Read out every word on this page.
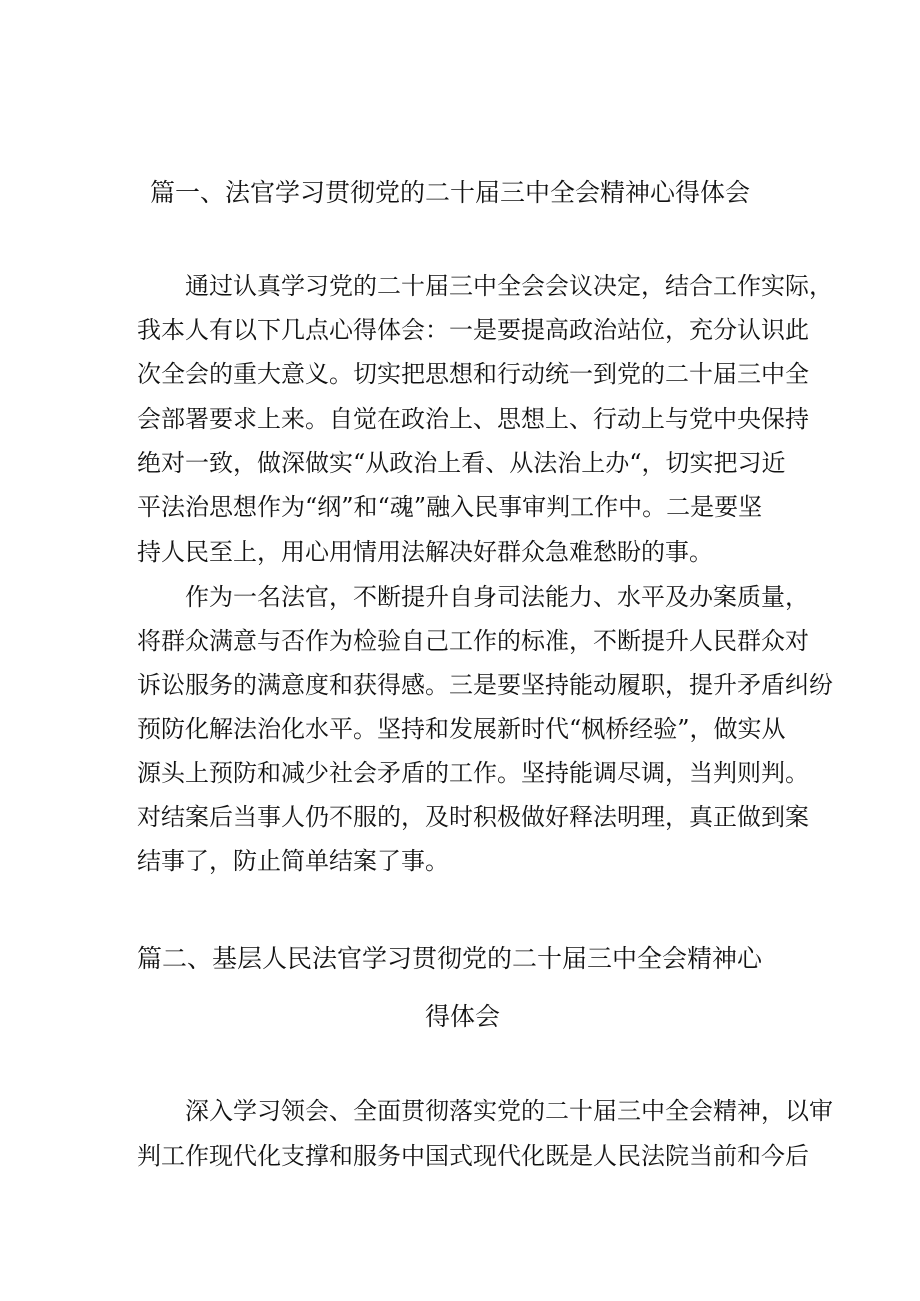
篇一、法官学习贯彻党的二十届三中全会精神心得体会

通过认真学习党的二十届三中全会会议决定，结合工作实际，

我本人有以下几点心得体会：一是要提高政治站位，充分认识此

次全会的重大意义。切实把思想和行动统一到党的二十届三中全

会部署要求上来。自觉在政治上、思想上、行动上与党中央保持

绝对一致，做深做实“从政治上看、从法治上办“，切实把习近

平法治思想作为“纲”和“魂”融入民事审判工作中。二是要坚

持人民至上，用心用情用法解决好群众急难愁盼的事。

作为一名法官，不断提升自身司法能力、水平及办案质量，

将群众满意与否作为检验自己工作的标准，不断提升人民群众对

诉讼服务的满意度和获得感。三是要坚持能动履职，提升矛盾纠纷

预防化解法治化水平。坚持和发展新时代“枫桥经验”，做实从

源头上预防和减少社会矛盾的工作。坚持能调尽调，当判则判。

对结案后当事人仍不服的，及时积极做好释法明理，真正做到案

结事了，防止简单结案了事。

篇二、基层人民法官学习贯彻党的二十届三中全会精神心
得体会

深入学习领会、全面贯彻落实党的二十届三中全会精神，以审

判工作现代化支撑和服务中国式现代化既是人民法院当前和今后
